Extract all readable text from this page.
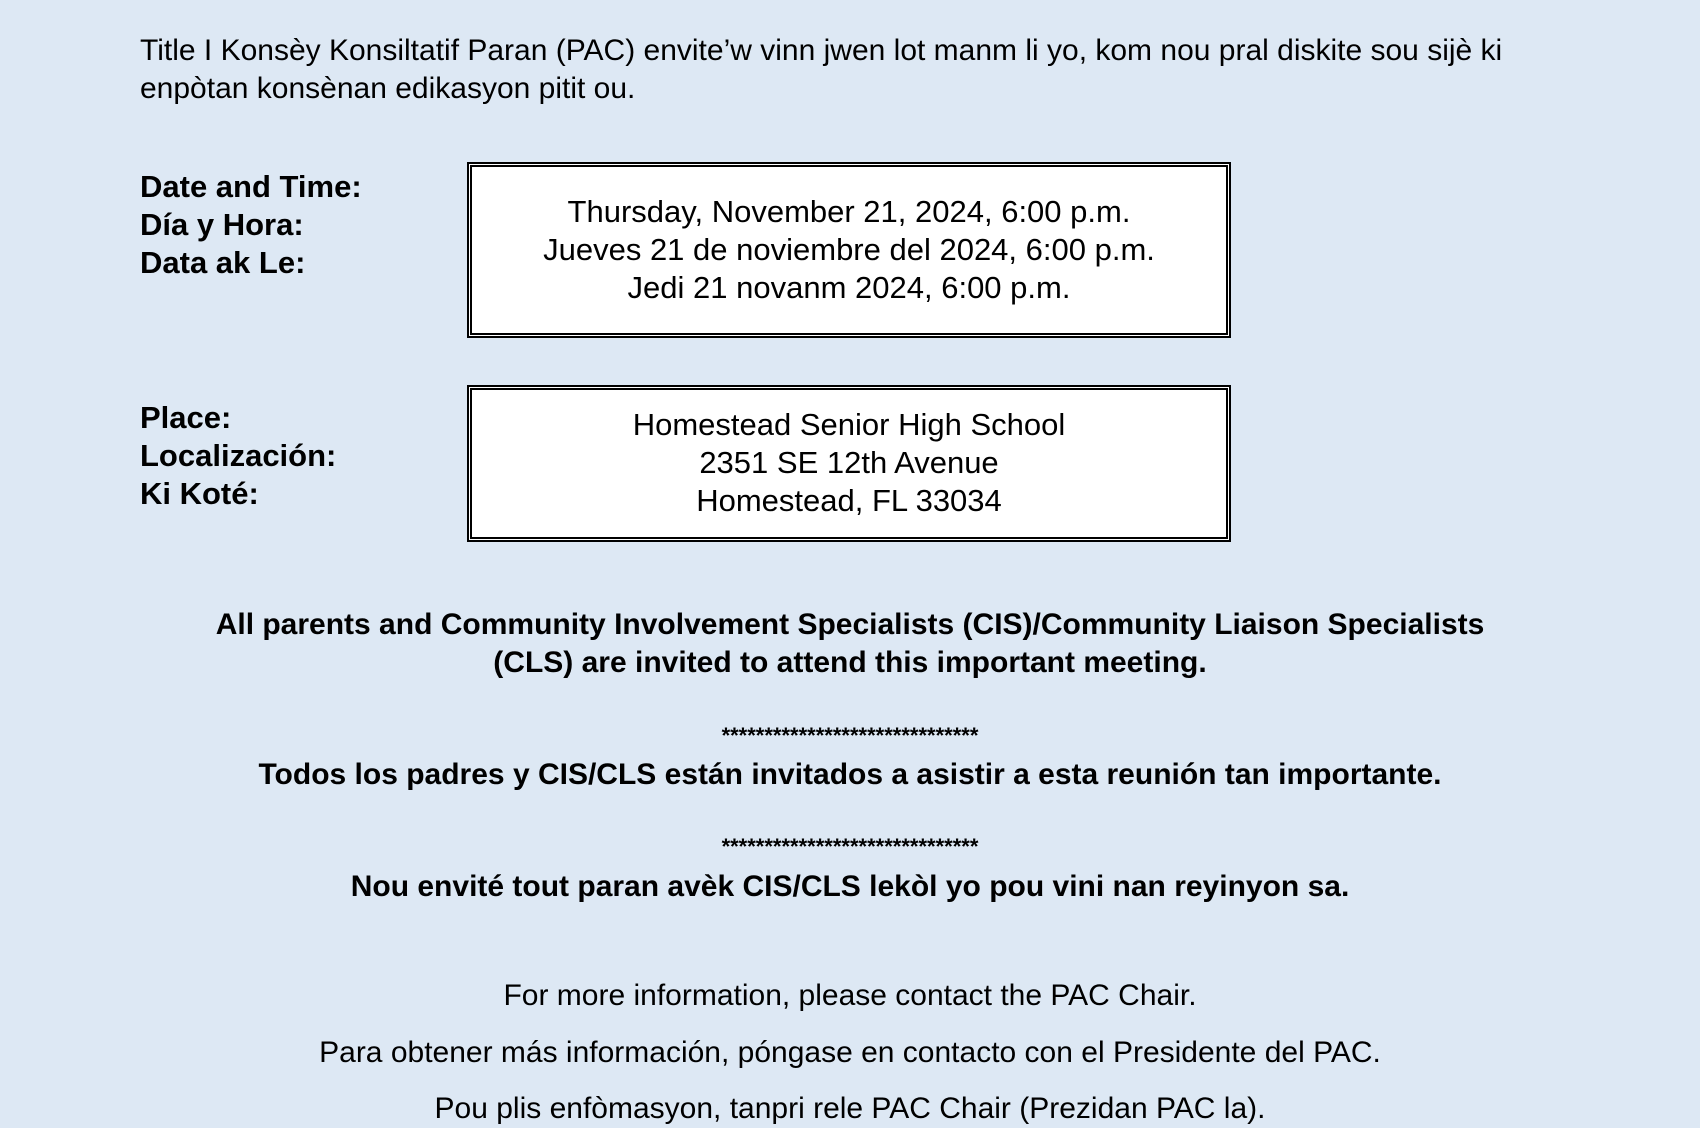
Title I Konsèy Konsiltatif Paran (PAC) envite’w vinn jwen lot manm li yo, kom nou pral diskite sou sijè ki enpòtan konsènan edikasyon pitit ou.

Date and Time:
Día y Hora:
Data ak Le:
Thursday, November 21, 2024, 6:00 p.m.
Jueves 21 de noviembre del 2024, 6:00 p.m.
Jedi 21 novanm 2024, 6:00 p.m.
Place:
Localización:
Ki Koté:
Homestead Senior High School
2351 SE 12th Avenue
Homestead, FL 33034
All parents and Community Involvement Specialists (CIS)/Community Liaison Specialists
(CLS) are invited to attend this important meeting.
******************************
Todos los padres y CIS/CLS están invitados a asistir a esta reunión tan importante.
******************************
Nou envité tout paran avèk CIS/CLS lekòl yo pou vini nan reyinyon sa.
For more information, please contact the PAC Chair.
Para obtener más información, póngase en contacto con el Presidente del PAC.
Pou plis enfòmasyon, tanpri rele PAC Chair (Prezidan PAC la).
